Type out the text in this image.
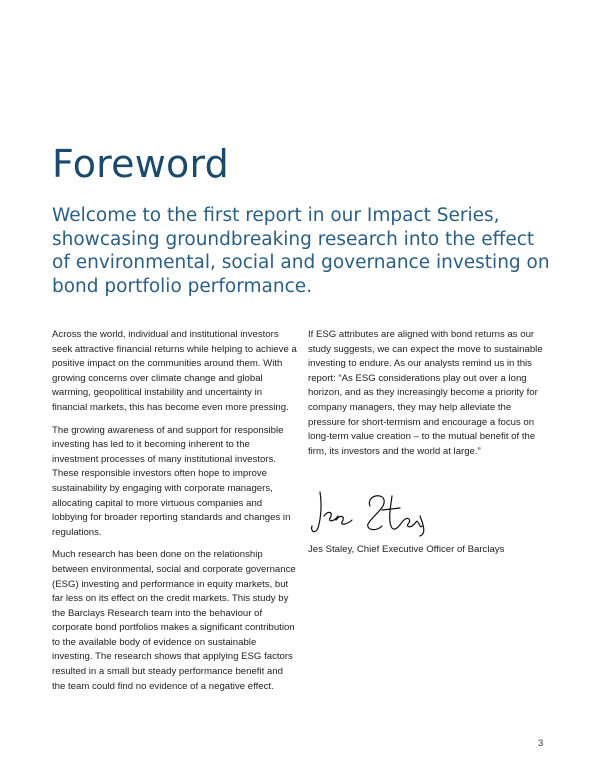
Foreword
Welcome to the first report in our Impact Series, showcasing groundbreaking research into the effect of environmental, social and governance investing on bond portfolio performance.

Across the world, individual and institutional investors seek attractive financial returns while helping to achieve a positive impact on the communities around them. With growing concerns over climate change and global warming, geopolitical instability and uncertainty in financial markets, this has become even more pressing.

The growing awareness of and support for responsible investing has led to it becoming inherent to the investment processes of many institutional investors. These responsible investors often hope to improve sustainability by engaging with corporate managers, allocating capital to more virtuous companies and lobbying for broader reporting standards and changes in regulations.

Much research has been done on the relationship between environmental, social and corporate governance (ESG) investing and performance in equity markets, but far less on its effect on the credit markets. This study by the Barclays Research team into the behaviour of corporate bond portfolios makes a significant contribution to the available body of evidence on sustainable investing. The research shows that applying ESG factors resulted in a small but steady performance benefit and the team could find no evidence of a negative effect.

If ESG attributes are aligned with bond returns as our study suggests, we can expect the move to sustainable investing to endure. As our analysts remind us in this report: “As ESG considerations play out over a long horizon, and as they increasingly become a priority for company managers, they may help alleviate the pressure for short-termism and encourage a focus on long-term value creation – to the mutual benefit of the firm, its investors and the world at large.”

Jes Staley, Chief Executive Officer of Barclays
3
